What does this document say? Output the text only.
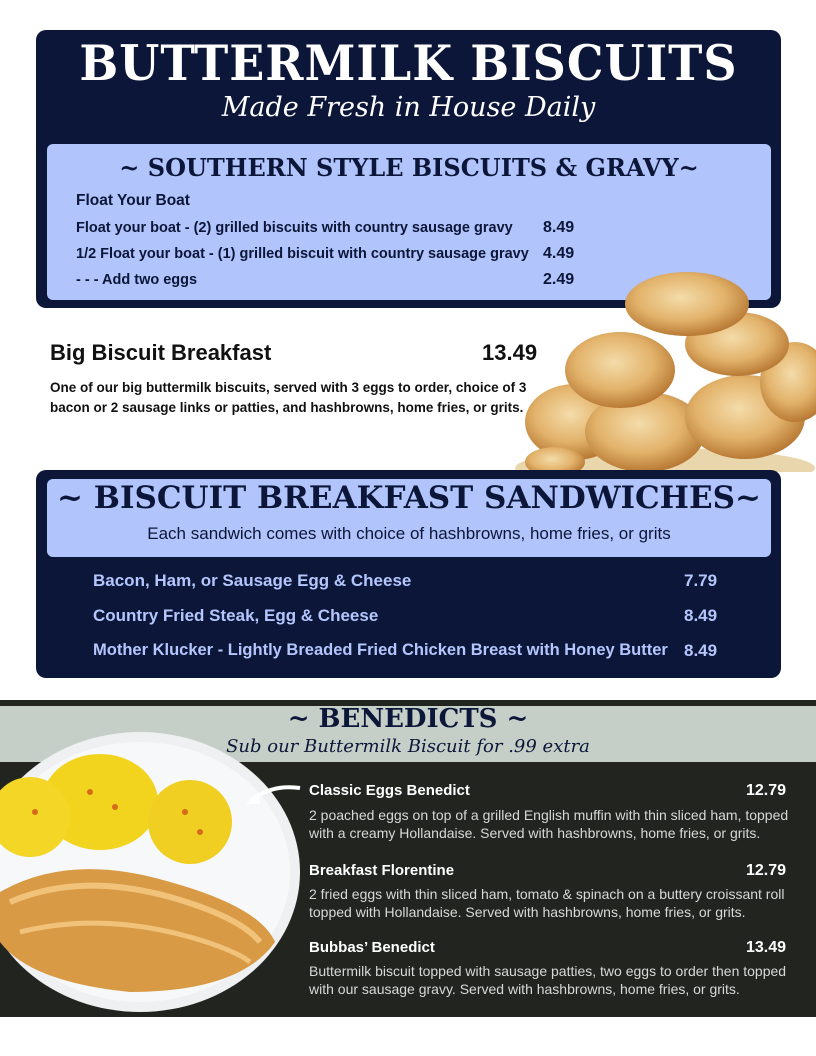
BUTTERMILK BISCUITS
Made Fresh in House Daily
~ SOUTHERN STYLE BISCUITS & GRAVY~
Float Your Boat
Float your boat - (2) grilled biscuits with country sausage gravy 8.49
1/2 Float your boat - (1) grilled biscuit with country sausage gravy 4.49
- - - Add two eggs	2.49
Big Biscuit Breakfast	13.49
One of our big buttermilk biscuits, served with 3 eggs to order, choice of 3 bacon or 2 sausage links or patties, and hashbrowns, home fries, or grits.
~ BISCUIT BREAKFAST SANDWICHES~
Each sandwich comes with choice of hashbrowns, home fries, or grits
Bacon, Ham, or Sausage Egg & Cheese	7.79
Country Fried Steak, Egg & Cheese	8.49
Mother Klucker - Lightly Breaded Fried Chicken Breast with Honey Butter 8.49
~ BENEDICTS ~
Sub our Buttermilk Biscuit for .99 extra
Classic Eggs Benedict	12.79
2 poached eggs on top of a grilled English muffin with thin sliced ham, topped with a creamy Hollandaise. Served with hashbrowns, home fries, or grits.
Breakfast Florentine	12.79
2 fried eggs with thin sliced ham, tomato & spinach on a buttery croissant roll topped with Hollandaise. Served with hashbrowns, home fries, or grits.
Bubbas’ Benedict	13.49
Buttermilk biscuit topped with sausage patties, two eggs to order then topped with our sausage gravy. Served with hashbrowns, home fries, or grits.
